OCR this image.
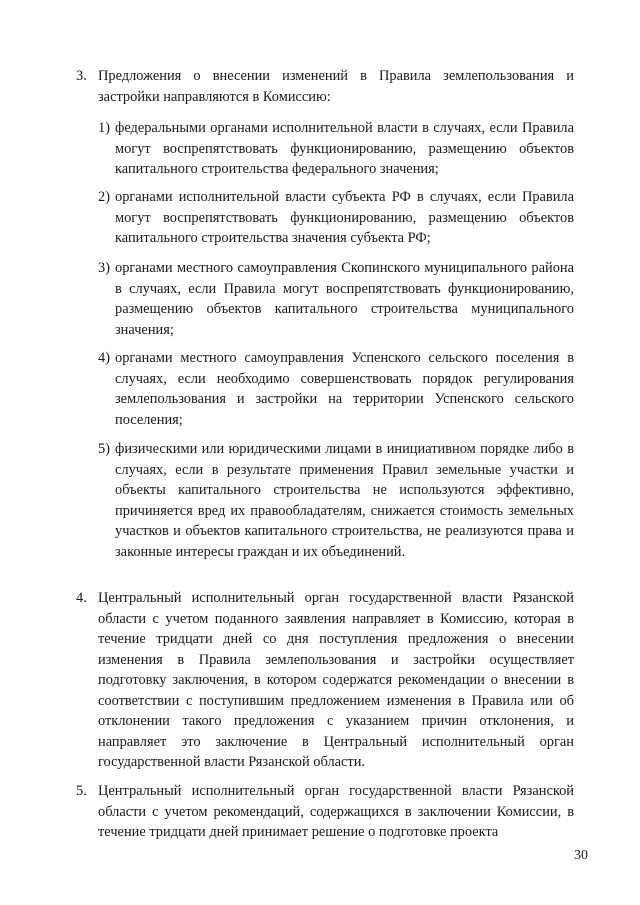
3. Предложения о внесении изменений в Правила землепользования и застройки направляются в Комиссию:
1) федеральными органами исполнительной власти в случаях, если Правила могут воспрепятствовать функционированию, размещению объектов капитального строительства федерального значения;
2) органами исполнительной власти субъекта РФ в случаях, если Правила могут воспрепятствовать функционированию, размещению объектов капитального строительства значения субъекта РФ;
3) органами местного самоуправления Скопинского муниципального района в случаях, если Правила могут воспрепятствовать функционированию, размещению объектов капитального строительства муниципального значения;
4) органами местного самоуправления Успенского сельского поселения в случаях, если необходимо совершенствовать порядок регулирования землепользования и застройки на территории Успенского сельского поселения;
5) физическими или юридическими лицами в инициативном порядке либо в случаях, если в результате применения Правил земельные участки и объекты капитального строительства не используются эффективно, причиняется вред их правообладателям, снижается стоимость земельных участков и объектов капитального строительства, не реализуются права и законные интересы граждан и их объединений.
4. Центральный исполнительный орган государственной власти Рязанской области с учетом поданного заявления направляет в Комиссию, которая в течение тридцати дней со дня поступления предложения о внесении изменения в Правила землепользования и застройки осуществляет подготовку заключения, в котором содержатся рекомендации о внесении в соответствии с поступившим предложением изменения в Правила или об отклонении такого предложения с указанием причин отклонения, и направляет это заключение в Центральный исполнительный орган государственной власти Рязанской области.
5. Центральный исполнительный орган государственной власти Рязанской области с учетом рекомендаций, содержащихся в заключении Комиссии, в течение тридцати дней принимает решение о подготовке проекта
30
